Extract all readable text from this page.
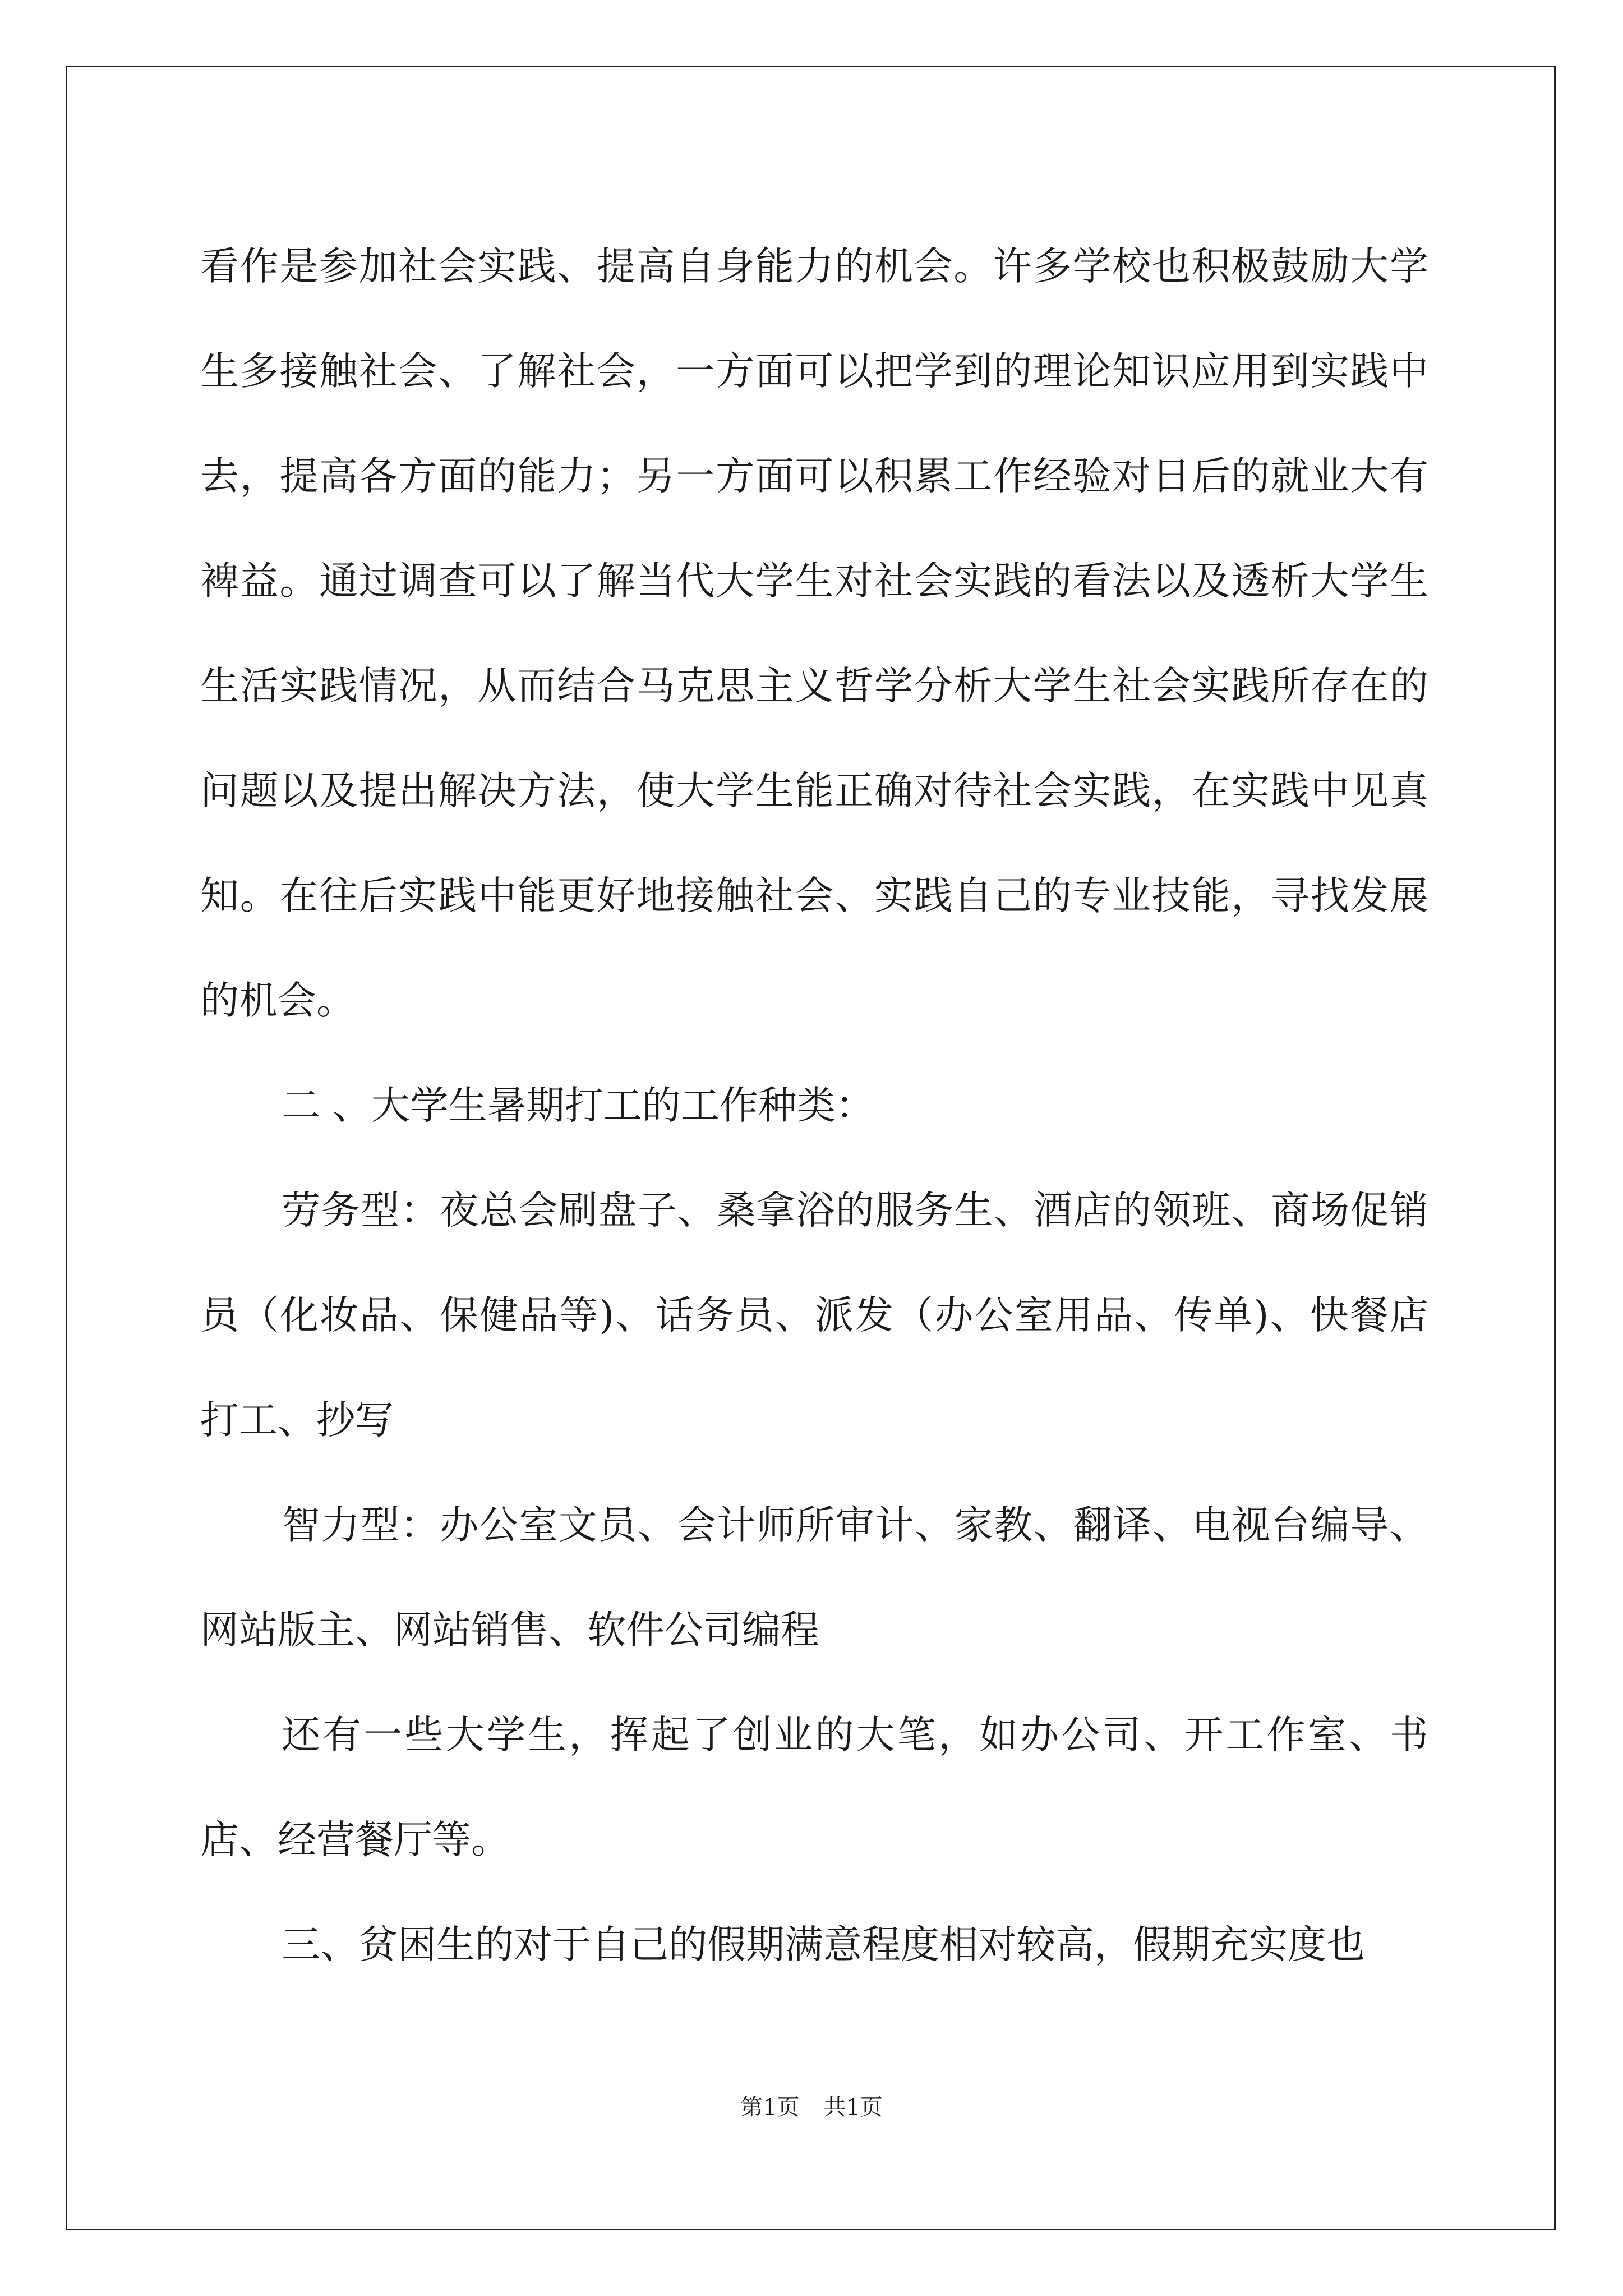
看作是参加社会实践、提高自身能力的机会。许多学校也积极鼓励大学生多接触社会、了解社会，一方面可以把学到的理论知识应用到实践中去，提高各方面的能力；另一方面可以积累工作经验对日后的就业大有裨益。通过调查可以了解当代大学生对社会实践的看法以及透析大学生生活实践情况，从而结合马克思主义哲学分析大学生社会实践所存在的问题以及提出解决方法，使大学生能正确对待社会实践，在实践中见真知。在往后实践中能更好地接触社会、实践自己的专业技能，寻找发展的机会。

二 、大学生暑期打工的工作种类：

劳务型：夜总会刷盘子、桑拿浴的服务生、酒店的领班、商场促销员（化妆品、保健品等)、话务员、派发（办公室用品、传单)、快餐店打工、抄写

智力型：办公室文员、会计师所审计、家教、翻译、电视台编导、网站版主、网站销售、软件公司编程

还有一些大学生，挥起了创业的大笔，如办公司、开工作室、书店、经营餐厅等。

三、贫困生的对于自己的假期满意程度相对较高，假期充实度也

第1页 共1页
